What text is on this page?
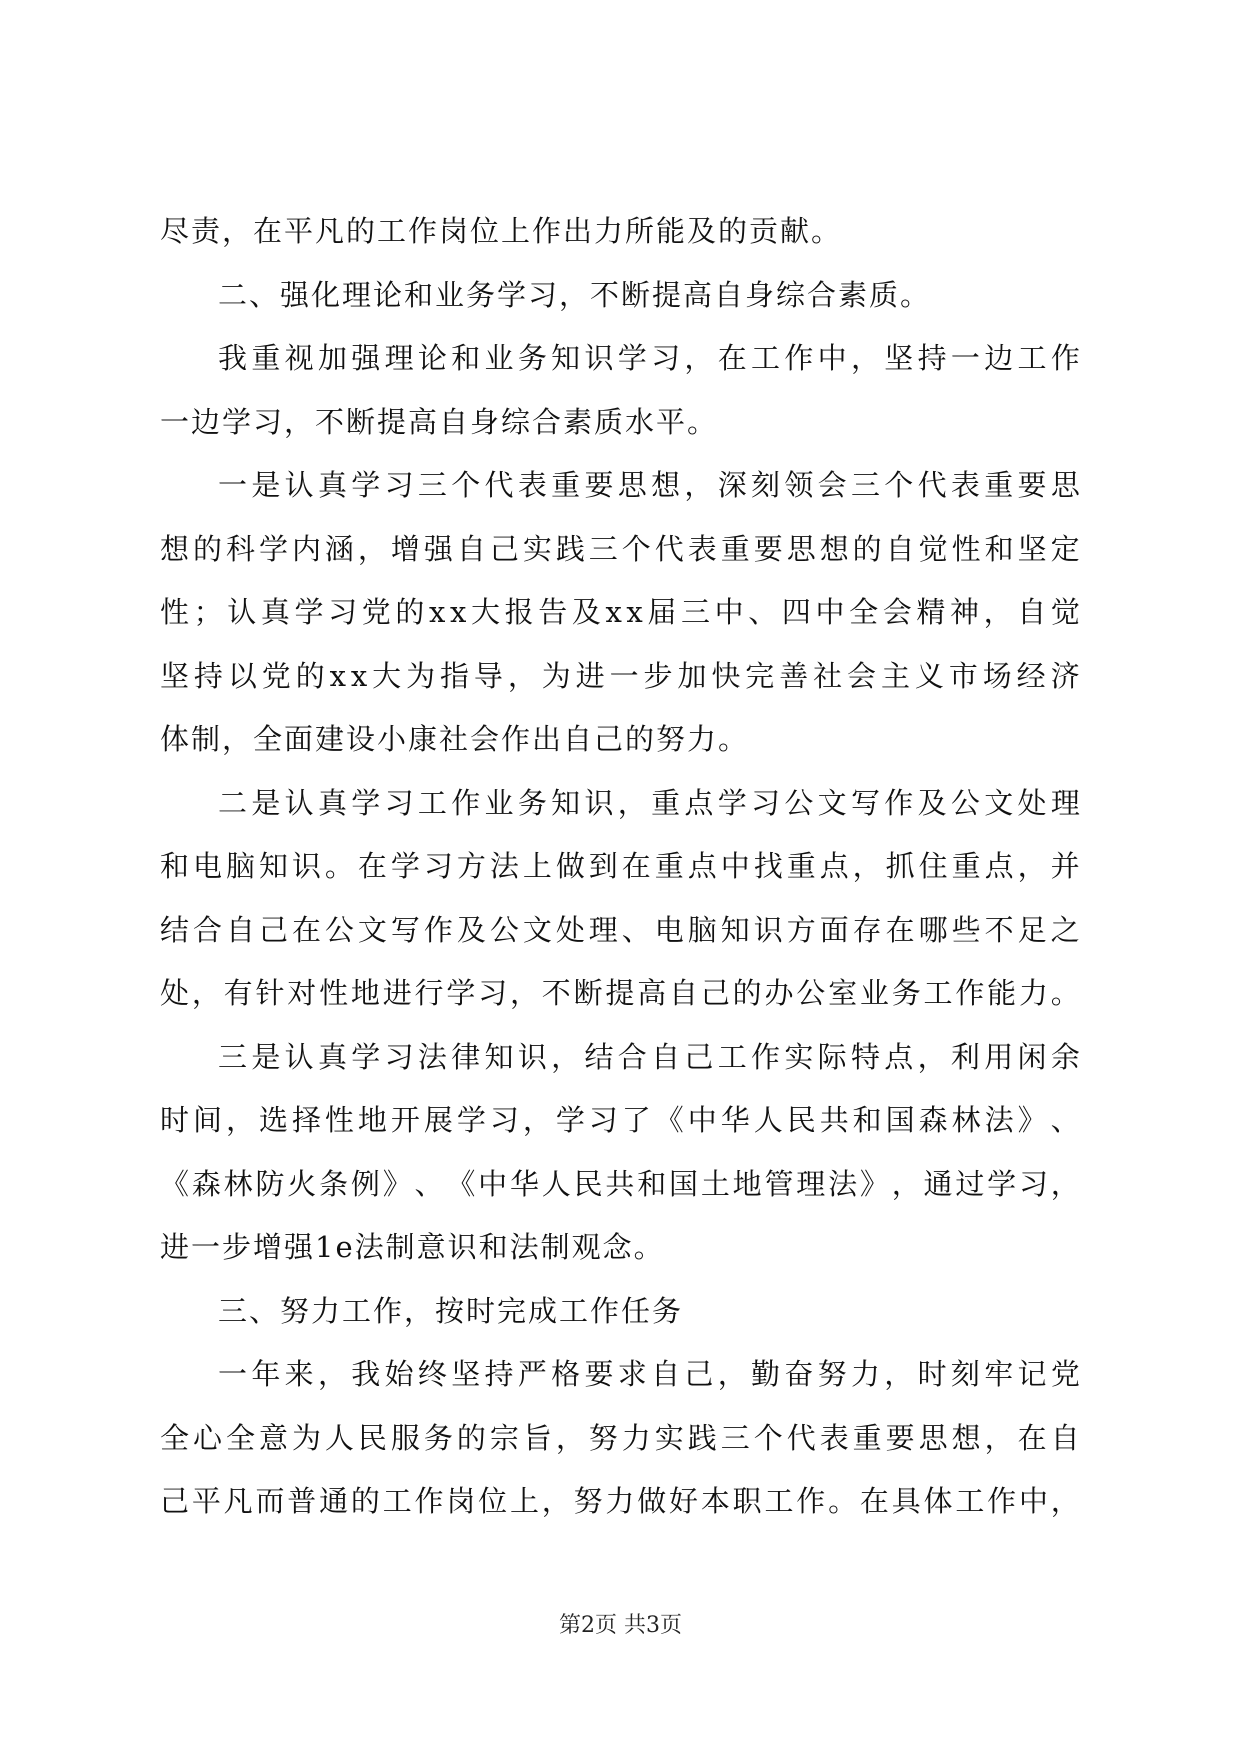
尽责，在平凡的工作岗位上作出力所能及的贡献。
二、强化理论和业务学习，不断提高自身综合素质。
我 重 视 加 强 理 论 和 业 务 知 识 学 习 ， 在 工 作 中 ， 坚 持 一 边 工 作
一边学习，不断提高自身综合素质水平。
一 是 认 真 学 习 三 个 代 表 重 要 思 想 ， 深 刻 领 会 三 个 代 表 重 要 思
想 的 科 学 内 涵 ， 增 强 自 己 实 践 三 个 代 表 重 要 思 想 的 自 觉 性 和 坚 定
性 ； 认 真 学 习 党 的 x x 大 报 告 及 x x 届 三 中 、 四 中 全 会 精 神 ， 自 觉
坚 持 以 党 的 x x 大 为 指 导 ， 为 进 一 步 加 快 完 善 社 会 主 义 市 场 经 济
体制，全面建设小康社会作出自己的努力。
二 是 认 真 学 习 工 作 业 务 知 识 ， 重 点 学 习 公 文 写 作 及 公 文 处 理
和 电 脑 知 识 。 在 学 习 方 法 上 做 到 在 重 点 中 找 重 点 ， 抓 住 重 点 ， 并
结 合 自 己 在 公 文 写 作 及 公 文 处 理 、 电 脑 知 识 方 面 存 在 哪 些 不 足 之
处 ， 有 针 对 性 地 进 行 学 习 ， 不 断 提 高 自 己 的 办 公 室 业 务 工 作 能 力 。
三 是 认 真 学 习 法 律 知 识 ， 结 合 自 己 工 作 实 际 特 点 ， 利 用 闲 余
时 间 ， 选 择 性 地 开 展 学 习 ， 学 习 了 《 中 华 人 民 共 和 国 森 林 法 》 、
《 森 林 防 火 条 例 》 、 《 中 华 人 民 共 和 国 土 地 管 理 法 》 ， 通 过 学 习 ，
进一步增强1e法制意识和法制观念。
三、努力工作，按时完成工作任务
一 年 来 ， 我 始 终 坚 持 严 格 要 求 自 己 ， 勤 奋 努 力 ， 时 刻 牢 记 党
全 心 全 意 为 人 民 服 务 的 宗 旨 ， 努 力 实 践 三 个 代 表 重 要 思 想 ， 在 自
己 平 凡 而 普 通 的 工 作 岗 位 上 ， 努 力 做 好 本 职 工 作 。 在 具 体 工 作 中 ，
第2页 共3页
